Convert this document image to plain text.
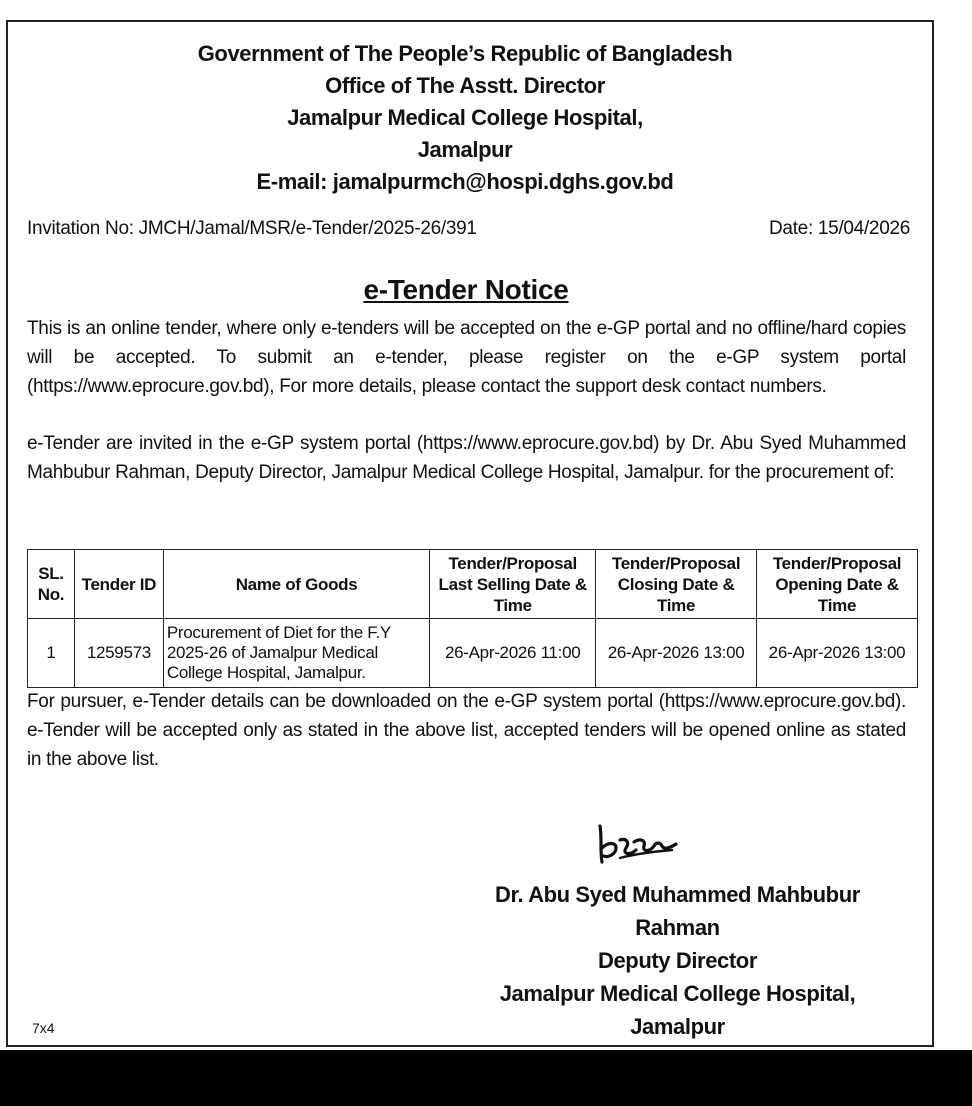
Government of The People’s Republic of Bangladesh
Office of The Asstt. Director
Jamalpur Medical College Hospital,
Jamalpur
E-mail: jamalpurmch@hospi.dghs.gov.bd
Invitation No: JMCH/Jamal/MSR/e-Tender/2025-26/391	Date: 15/04/2026
e-Tender Notice
This is an online tender, where only e-tenders will be accepted on the e-GP portal and no offline/hard copies will be accepted. To submit an e-tender, please register on the e-GP system portal (https://www.eprocure.gov.bd), For more details, please contact the support desk contact numbers.
e-Tender are invited in the e-GP system portal (https://www.eprocure.gov.bd) by Dr. Abu Syed Muhammed Mahbubur Rahman, Deputy Director, Jamalpur Medical College Hospital, Jamalpur. for the procurement of:
SL. No.	Tender ID	Name of Goods	Tender/Proposal Last Selling Date & Time	Tender/Proposal Closing Date & Time	Tender/Proposal Opening Date & Time
1	1259573	Procurement of Diet for the F.Y 2025-26 of Jamalpur Medical College Hospital, Jamalpur.	26-Apr-2026 11:00	26-Apr-2026 13:00	26-Apr-2026 13:00
For pursuer, e-Tender details can be downloaded on the e-GP system portal (https://www.eprocure.gov.bd). e-Tender will be accepted only as stated in the above list, accepted tenders will be opened online as stated in the above list.
Dr. Abu Syed Muhammed Mahbubur
Rahman
Deputy Director
Jamalpur Medical College Hospital,
Jamalpur
7x4
